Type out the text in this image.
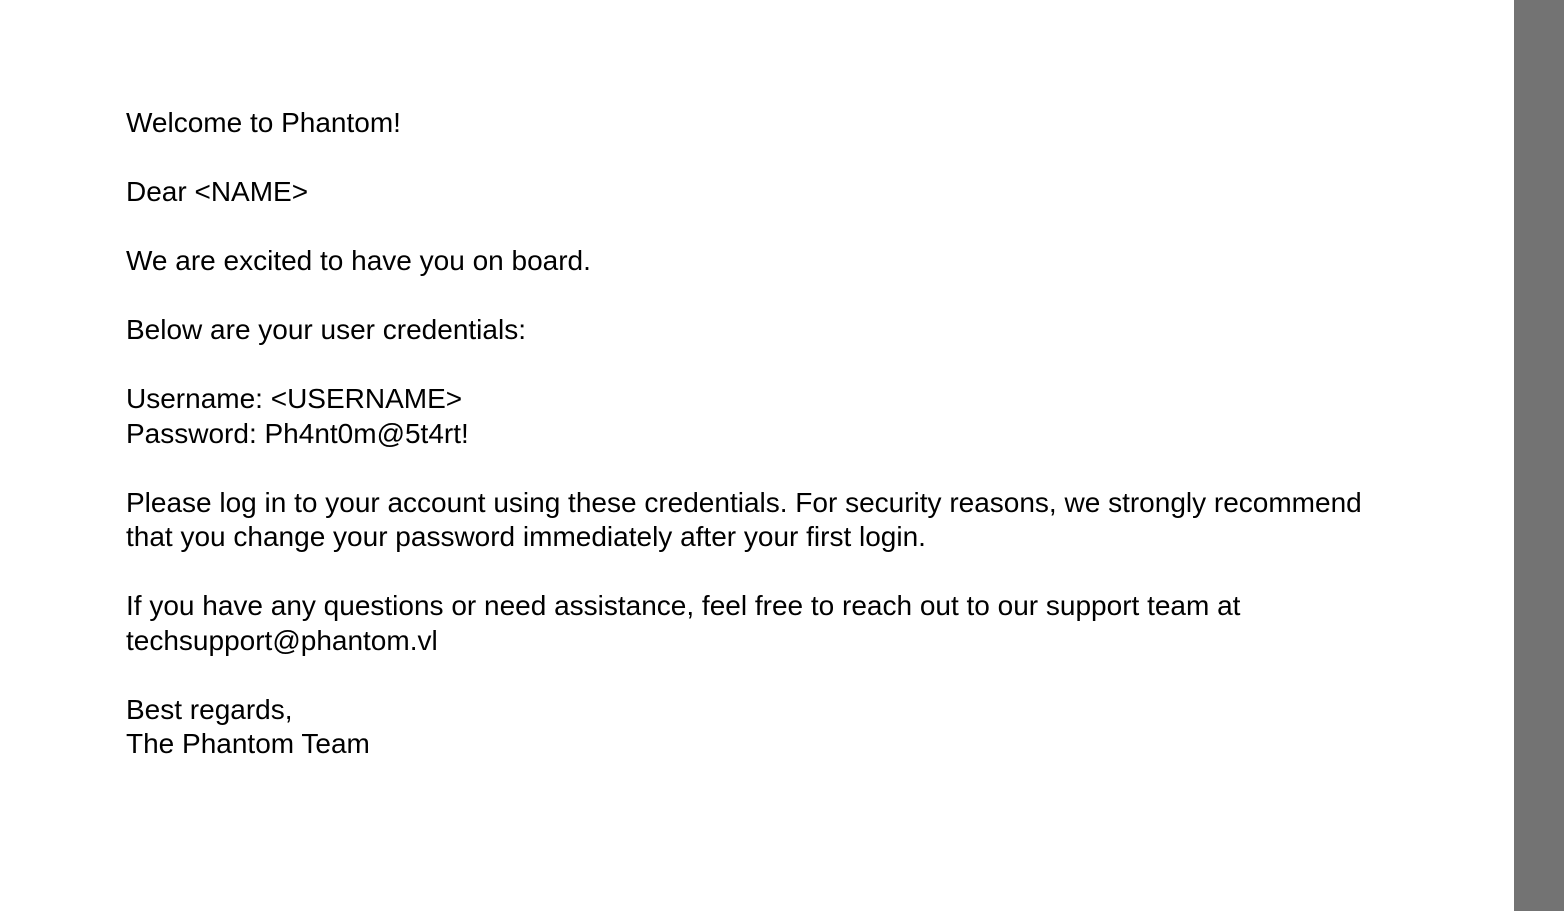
Welcome to Phantom!

Dear <NAME>

We are excited to have you on board.

Below are your user credentials:

Username: <USERNAME>
Password: Ph4nt0m@5t4rt!

Please log in to your account using these credentials. For security reasons, we strongly recommend that you change your password immediately after your first login.

If you have any questions or need assistance, feel free to reach out to our support team at techsupport@phantom.vl

Best regards,
The Phantom Team
